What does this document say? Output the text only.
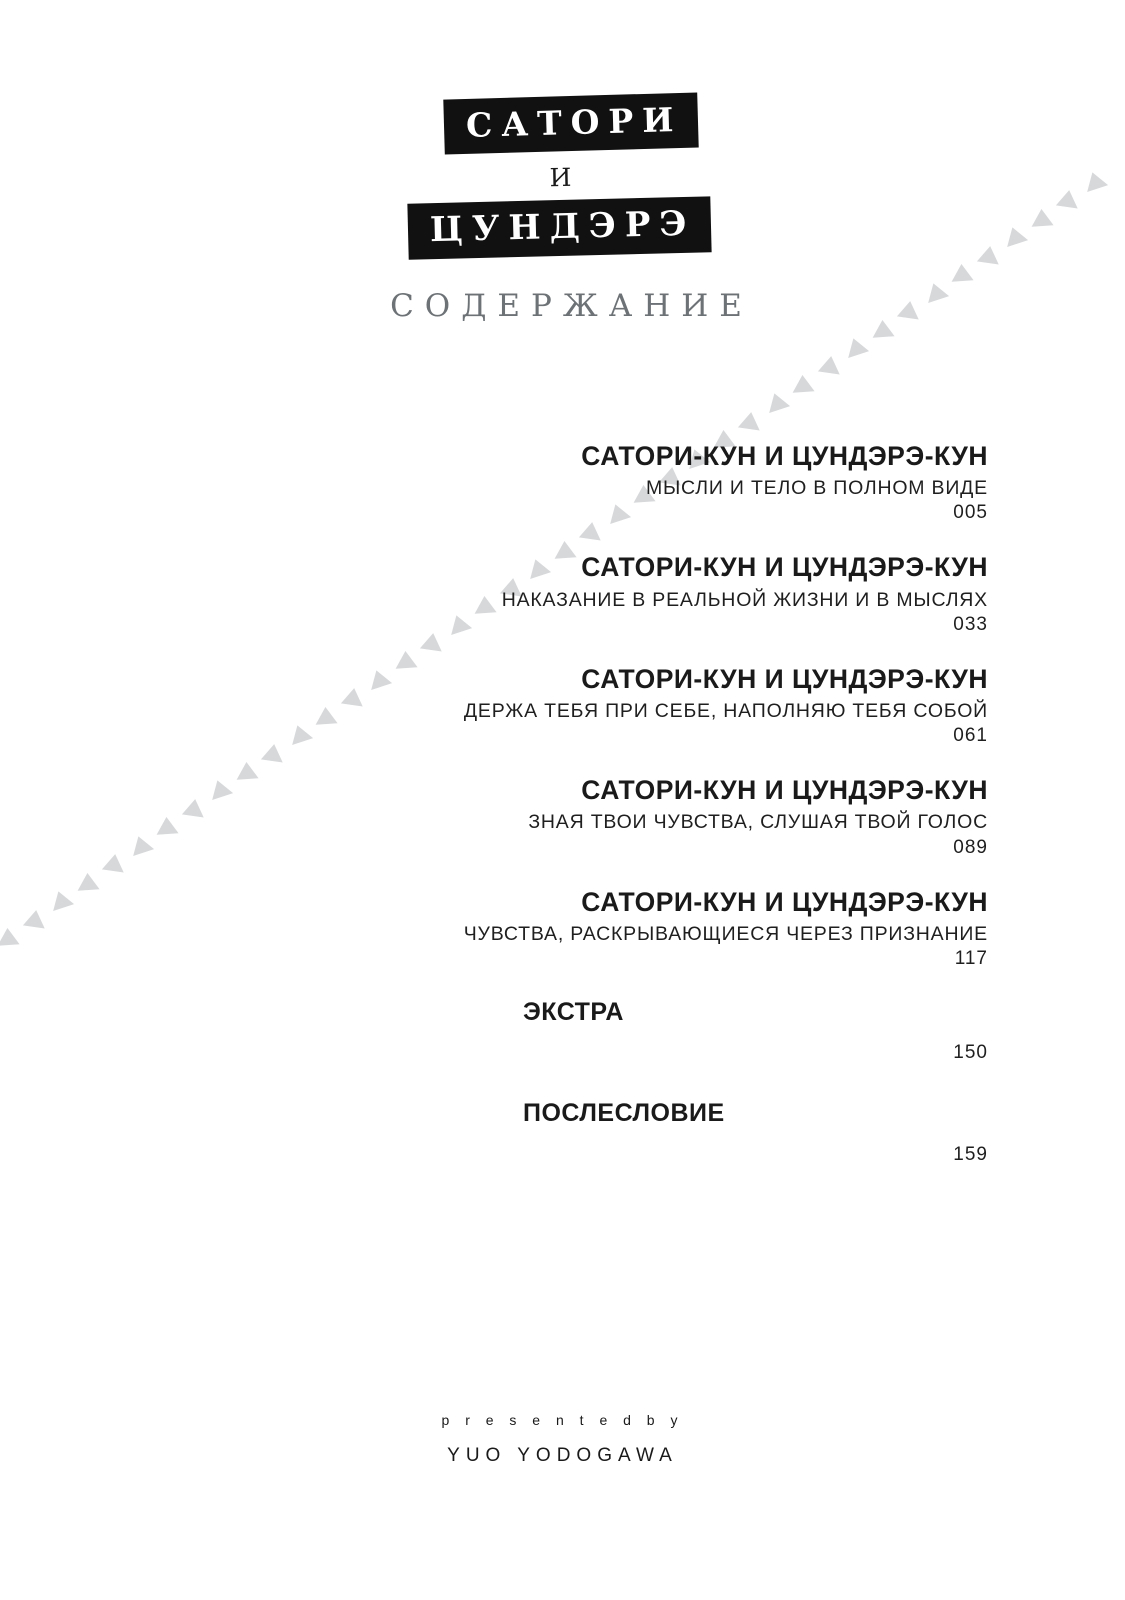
САТОРИ
И
ЦУНДЭРЭ
СОДЕРЖАНИЕ
САТОРИ-КУН И ЦУНДЭРЭ-КУН
МЫСЛИ И ТЕЛО В ПОЛНОМ ВИДЕ
005
САТОРИ-КУН И ЦУНДЭРЭ-КУН
НАКАЗАНИЕ В РЕАЛЬНОЙ ЖИЗНИ И В МЫСЛЯХ
033
САТОРИ-КУН И ЦУНДЭРЭ-КУН
ДЕРЖА ТЕБЯ ПРИ СЕБЕ, НАПОЛНЯЮ ТЕБЯ СОБОЙ
061
САТОРИ-КУН И ЦУНДЭРЭ-КУН
ЗНАЯ ТВОИ ЧУВСТВА, СЛУШАЯ ТВОЙ ГОЛОС
089
САТОРИ-КУН И ЦУНДЭРЭ-КУН
ЧУВСТВА, РАСКРЫВАЮЩИЕСЯ ЧЕРЕЗ ПРИЗНАНИЕ
117
ЭКСТРА
150
ПОСЛЕСЛОВИЕ
159
p r e s e n t e d b y
YUO YODOGAWA
